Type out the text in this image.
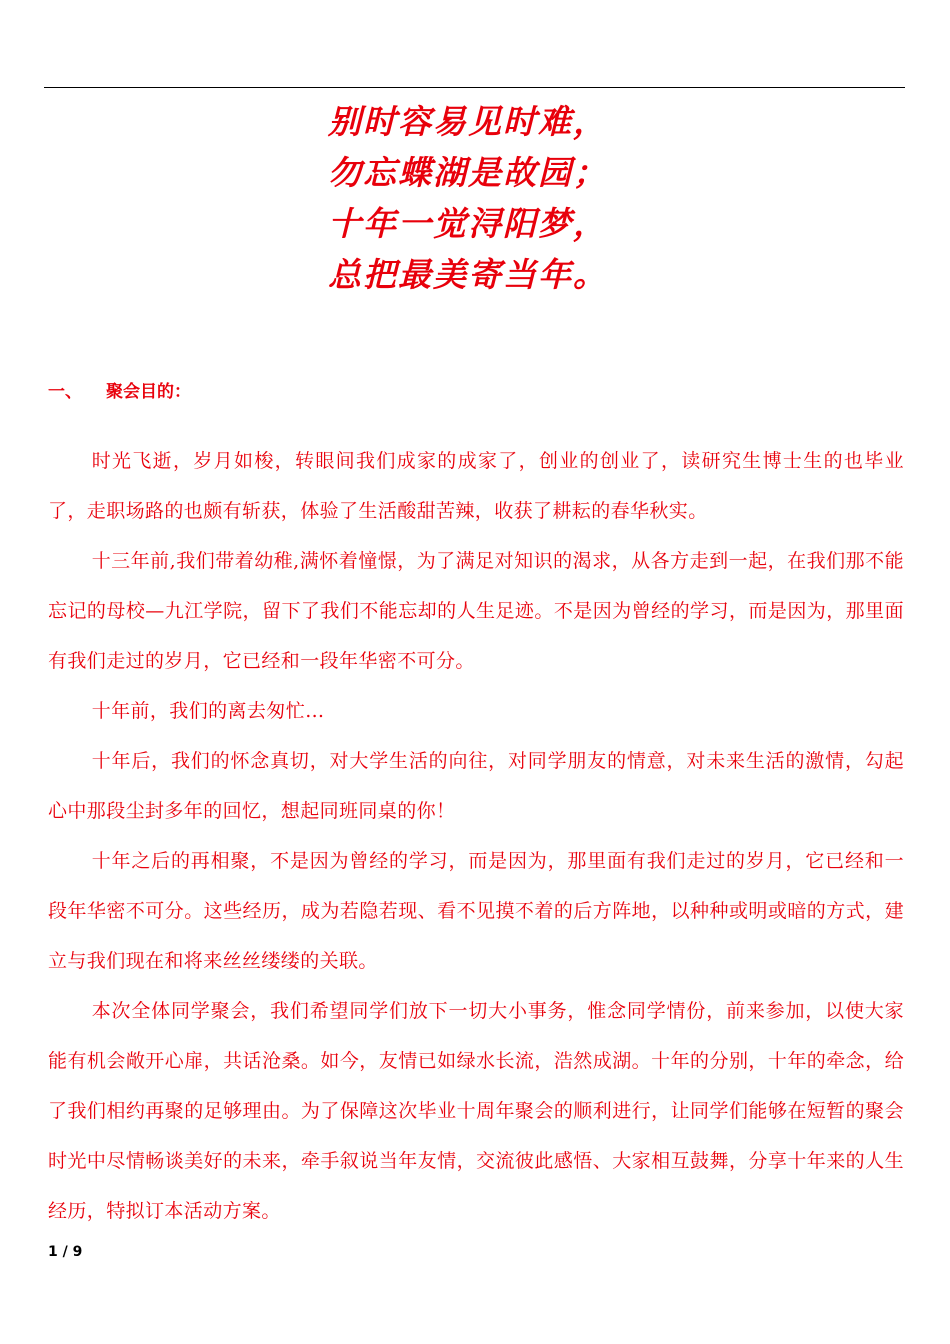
别时容易见时难，
勿忘蝶湖是故园；
十年一觉浔阳梦，
总把最美寄当年。
一、 聚会目的：

时光飞逝，岁月如梭，转眼间我们成家的成家了，创业的创业了，读研究生博士生的也毕业了，走职场路的也颇有斩获，体验了生活酸甜苦辣，收获了耕耘的春华秋实。

十三年前,我们带着幼稚,满怀着憧憬，为了满足对知识的渴求，从各方走到一起，在我们那不能忘记的母校—九江学院，留下了我们不能忘却的人生足迹。不是因为曾经的学习，而是因为，那里面有我们走过的岁月，它已经和一段年华密不可分。

十年前，我们的离去匆忙…

十年后，我们的怀念真切，对大学生活的向往，对同学朋友的情意，对未来生活的激情，勾起心中那段尘封多年的回忆，想起同班同桌的你！

十年之后的再相聚，不是因为曾经的学习，而是因为，那里面有我们走过的岁月，它已经和一段年华密不可分。这些经历，成为若隐若现、看不见摸不着的后方阵地，以种种或明或暗的方式，建立与我们现在和将来丝丝缕缕的关联。

本次全体同学聚会，我们希望同学们放下一切大小事务，惟念同学情份，前来参加，以使大家能有机会敞开心扉，共话沧桑。如今，友情已如绿水长流，浩然成湖。十年的分别，十年的牵念，给了我们相约再聚的足够理由。为了保障这次毕业十周年聚会的顺利进行，让同学们能够在短暂的聚会时光中尽情畅谈美好的未来，牵手叙说当年友情，交流彼此感悟、大家相互鼓舞，分享十年来的人生经历，特拟订本活动方案。

1 / 9
